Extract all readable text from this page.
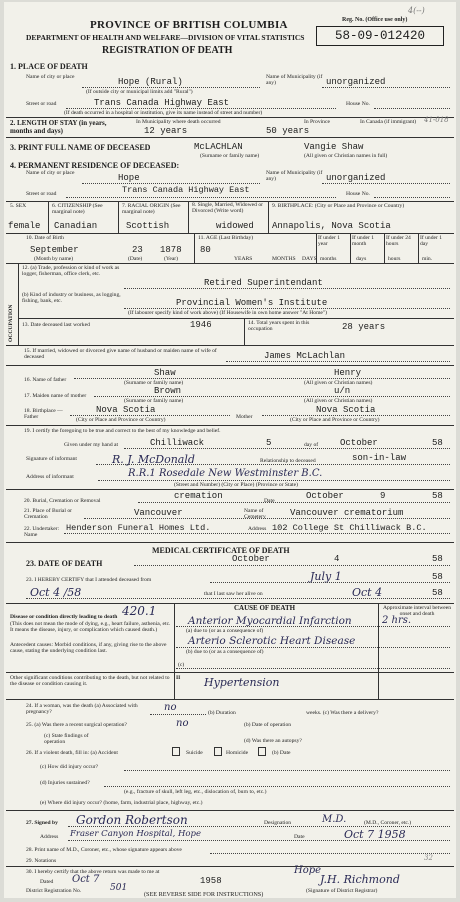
4(--)
Reg. No. (Office use only)
58-09-012420
PROVINCE OF BRITISH COLUMBIA
DEPARTMENT OF HEALTH AND WELFARE—DIVISION OF VITAL STATISTICS
REGISTRATION OF DEATH
1. PLACE OF DEATH
Name of city or place	Hope (Rural)
(If outside city or municipal limits add "Rural")
Name of Municipality (if any)	unorganized
Street or road	Trans Canada Highway East	House No.
(If death occurred in a hospital or institution, give its name instead of street and number)
2. LENGTH OF STAY (in years, months and days)
In Municipality where death occurred
12 years
In Province
50 years
In Canada (if immigrant) 41-018
3. PRINT FULL NAME OF DECEASED	McLACHLAN	Vangie Shaw
(Surname or family name)	(All given or Christian names in full)
4. PERMANENT RESIDENCE OF DECEASED:
Name of city or place	Hope	Name of Municipality (if any)	unorganized
Street or road	Trans Canada Highway East	House No.
5. SEX
female
6. CITIZENSHIP (See marginal note)
Canadian
7. RACIAL ORIGIN (See marginal note)
Scottish
8. Single, Married, Widowed or Divorced (Write word)
widowed
9. BIRTHPLACE: (City or Place and Province or Country)
Annapolis, Nova Scotia
10. Date of Birth
September	23 1878
(Month by name)	(Date)	(Year)
11. AGE (Last Birthday)
80
YEARS	MONTHS DAYS
If under 1 year
If under 1 month
If under 24 hours
If under 1 day
months	days	hours	min.
OCCUPATION
12. (a) Trade, profession or kind of work as logger, fisherman, office clerk, etc.
Retired Superintendant
(b) Kind of industry or business, as logging, fishing, bank, etc.	Provincial Women's Institute
(If labourer specify kind of work above) (If Housewife in own home answer "At Home")
13. Date deceased last worked	1946	14. Total years spent in this occupation	28 years
15. If married, widowed or divorced give name of husband or maiden name of wife of deceased	James McLachlan
16. Name of father
Shaw	Henry
(Surname or family name)	(All given or Christian names)
17. Maiden name of mother	Brown	u/n
(Surname or family name)	(All given or Christian names)
18. Birthplace — Father
Nova Scotia
Mother
Nova Scotia
(City or Place and Province or Country)	(City or Place and Province or Country)
19. I certify the foregoing to be true and correct to the best of my knowledge and belief.
Given under my hand at	Chilliwack	5	day of October	58
Signature of informant	R. J. McDonald	Relationship to deceased	son-in-law
Address of informant	R.R.1 Rosedale New Westminster B.C.
(Street and Number) (City or Place) (Province or State)
20. Burial, Cremation or Removal	cremation	Date	October	9	58
21. Place of Burial or Cremation	Vancouver	Name of Cemetery	Vancouver crematorium
22. Undertaker: Name
Henderson Funeral Homes Ltd.	Address 102 College St Chilliwack B.C.
MEDICAL CERTIFICATE OF DEATH
23. DATE OF DEATH	October	4	58
23. I HEREBY CERTIFY that I attended deceased from	July 1	58
Oct 4 /58	that I last saw her alive on	Oct 4	58
CAUSE OF DEATH	Approximate interval between onset and death
420.1
Disease or condition directly leading to death
(This does not mean the mode of dying, e.g., heart failure, asthenia, etc. It means the disease, injury, or complication which caused death.)
Anterior Myocardial Infarction	2 hrs.
(a) due to (or as a consequence of)
Antecedent causes: Morbid conditions, if any, giving rise to the above cause, stating the underlying condition last.
Arterio Sclerotic Heart Disease
(b) due to (or as a consequence of)
(c)
Other significant conditions contributing to the death, but not related to the disease or condition causing it.
II Hypertension
24. If a woman, was the death (a) Associated with pregnancy?	no	(b) Duration	weeks. (c) Was there a delivery?
25. (a) Was there a recent surgical operation?	no	(b) Date of operation
(c) State findings of operation	(d) Was there an autopsy?
26. If a violent death, fill in: (a) Accident
	Suicide
	Homicide
	(b) Date
(c) How did injury occur?
(d) Injuries sustained?
(e.g., fracture of skull, left leg, etc., dislocation of, burn to, etc.)
(e) Where did injury occur? (home, farm, industrial place, highway, etc.)
27. Signed by Gordon Robertson	Designation	M.D.	(M.D., Coroner, etc.)
Address Fraser Canyon Hospital, Hope	Date	Oct 7 1958
28. Print name of M.D., Coroner, etc., whose signature appears above
29. Notations	32
30. I hereby certify that the above return was made to me at	Hope
Dated Oct 7	1958	J.H. Richmond
District Registration No.	501	(Signature of District Registrar)
(SEE REVERSE SIDE FOR INSTRUCTIONS)
